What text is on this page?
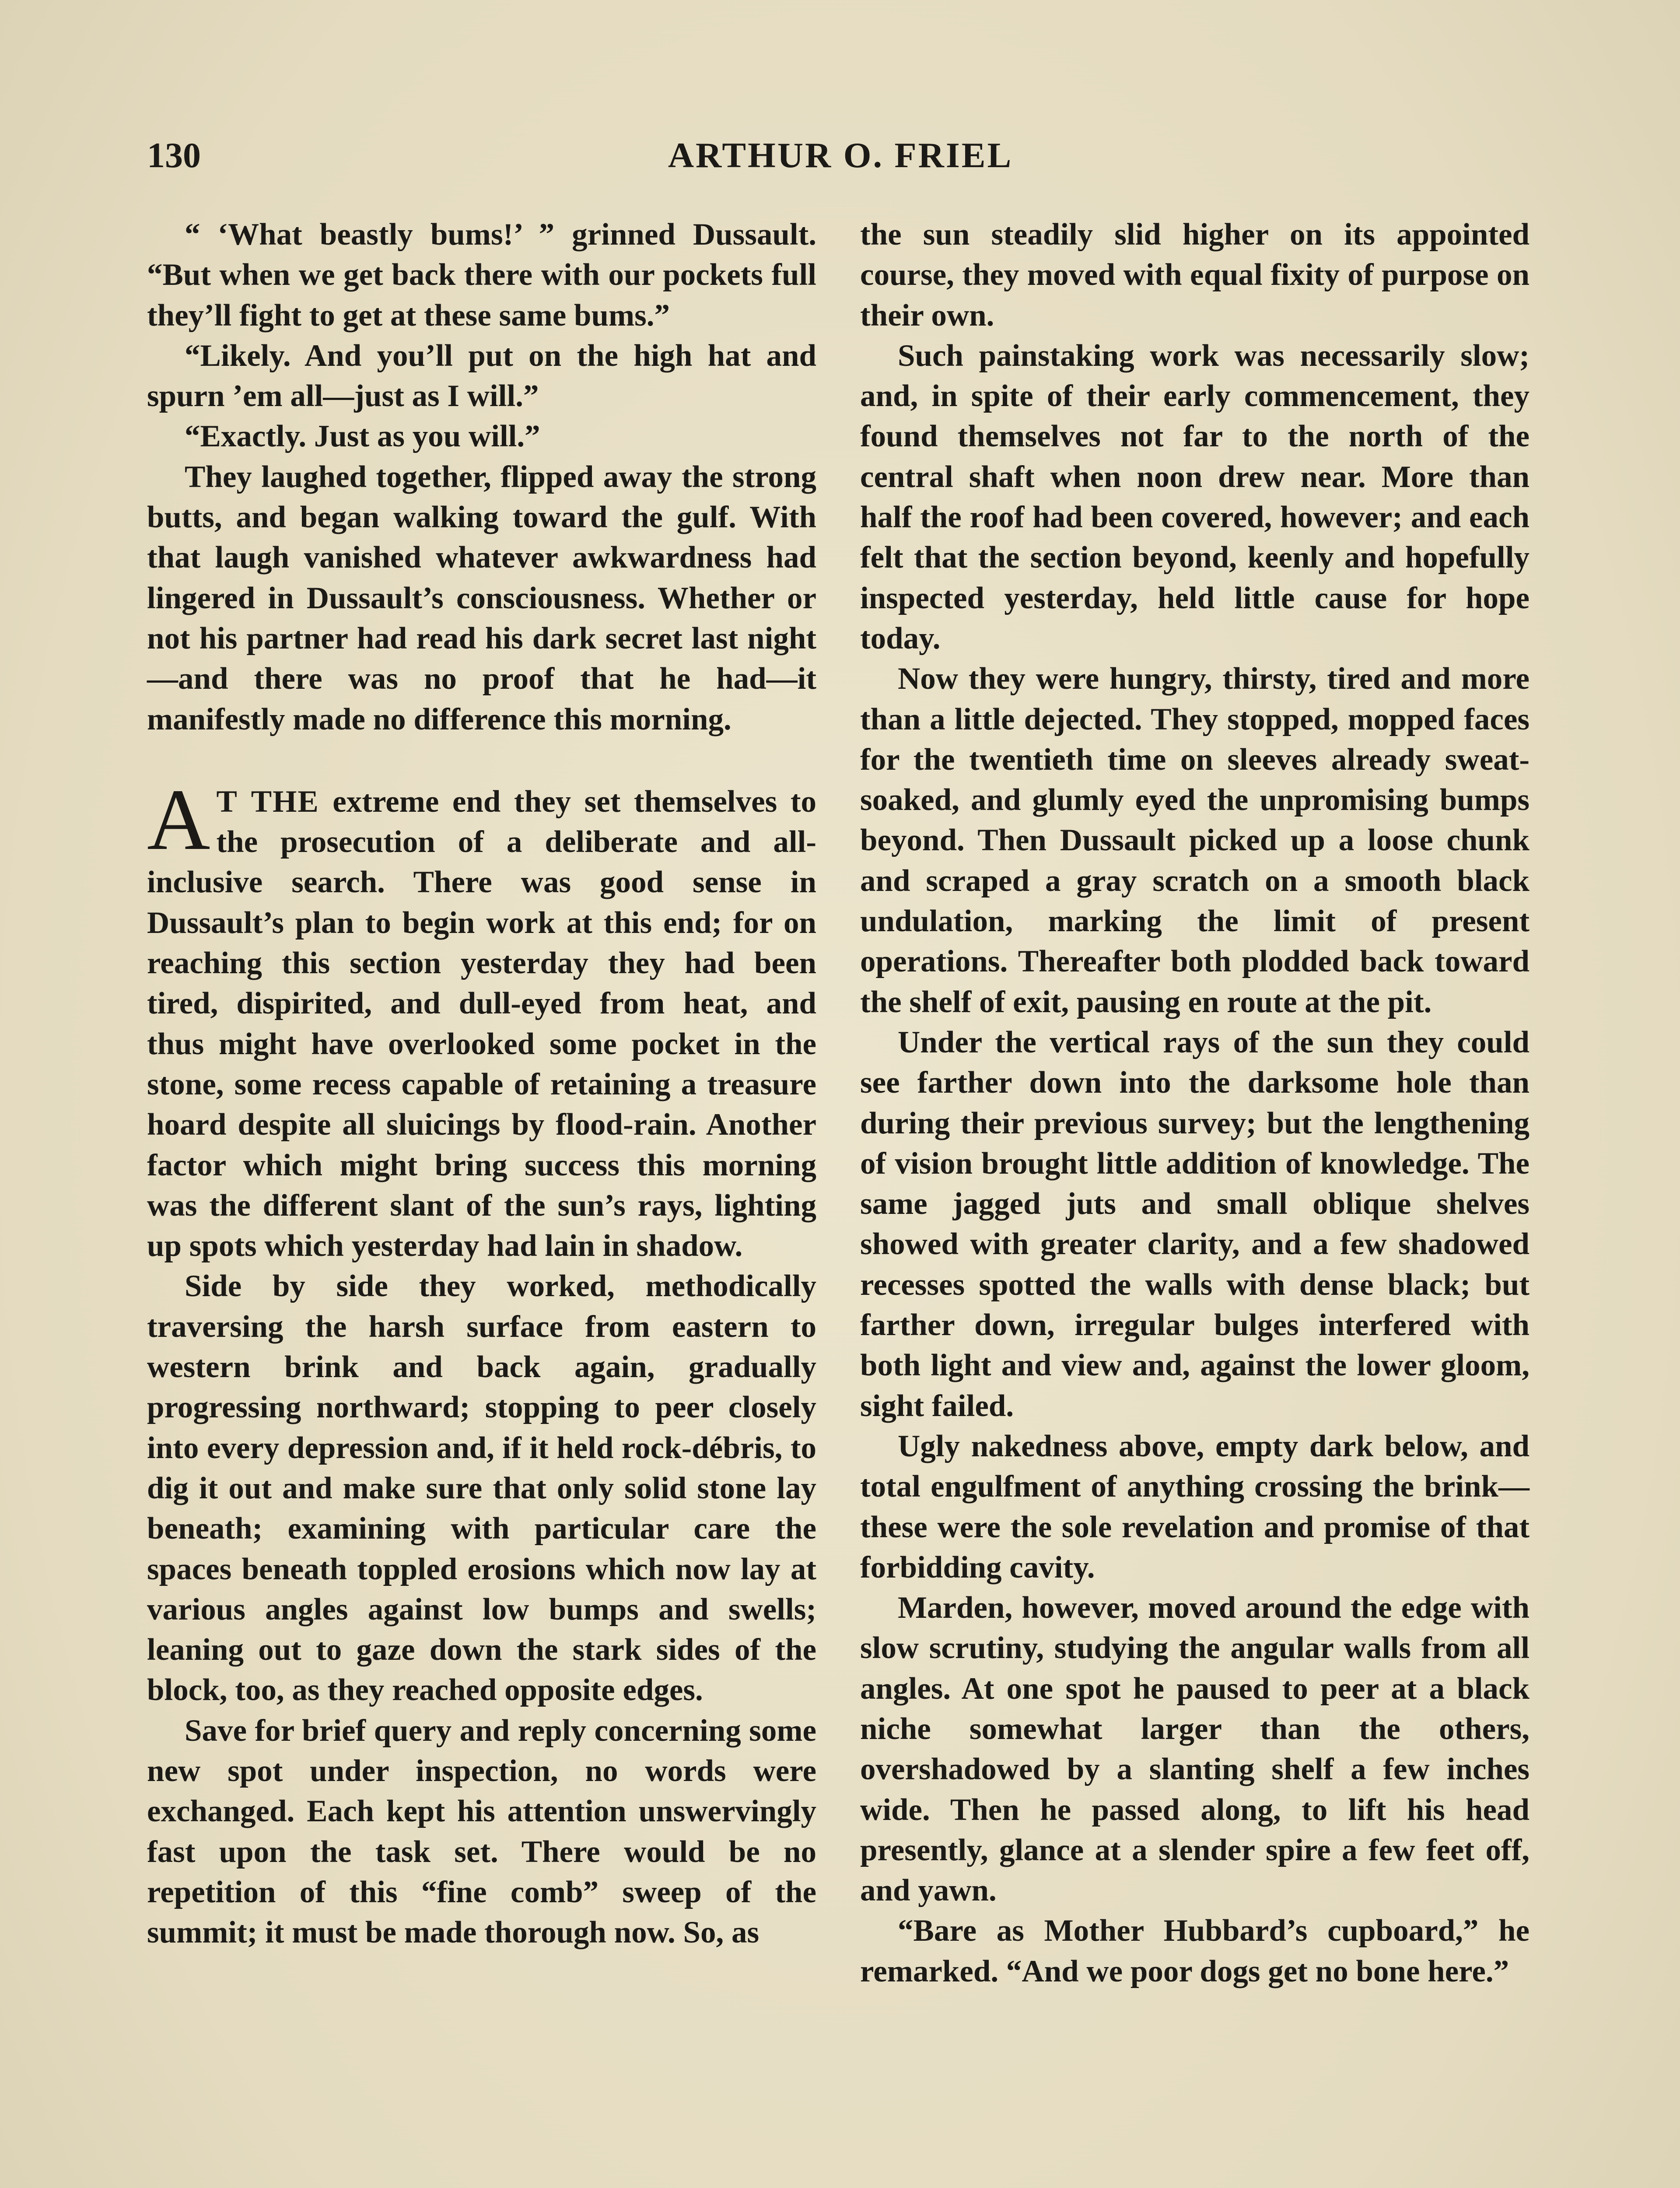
130	ARTHUR O. FRIEL

“ ‘What beastly bums!’ ” grinned Dussault. “But when we get back there with our pockets full they’ll fight to get at these same bums.”

“Likely. And you’ll put on the high hat and spurn ’em all—just as I will.”

“Exactly. Just as you will.”

They laughed together, flipped away the strong butts, and began walking toward the gulf. With that laugh vanished whatever awkwardness had lingered in Dussault’s consciousness. Whether or not his partner had read his dark secret last night—and there was no proof that he had—it manifestly made no difference this morning.

A T THE extreme end they set themselves to the prosecution of a deliberate and all-inclusive search. There was good sense in Dussault’s plan to begin work at this end; for on reaching this section yesterday they had been tired, dispirited, and dull-eyed from heat, and thus might have overlooked some pocket in the stone, some recess capable of retaining a treasure hoard despite all sluicings by flood-rain. Another factor which might bring success this morning was the different slant of the sun’s rays, lighting up spots which yesterday had lain in shadow.

Side by side they worked, methodically traversing the harsh surface from eastern to western brink and back again, gradually progressing northward; stopping to peer closely into every depression and, if it held rock-débris, to dig it out and make sure that only solid stone lay beneath; examining with particular care the spaces beneath toppled erosions which now lay at various angles against low bumps and swells; leaning out to gaze down the stark sides of the block, too, as they reached opposite edges.

Save for brief query and reply concerning some new spot under inspection, no words were exchanged. Each kept his attention unswervingly fast upon the task set. There would be no repetition of this “fine comb” sweep of the summit; it must be made thorough now. So, as

the sun steadily slid higher on its appointed course, they moved with equal fixity of purpose on their own.

Such painstaking work was necessarily slow; and, in spite of their early commencement, they found themselves not far to the north of the central shaft when noon drew near. More than half the roof had been covered, however; and each felt that the section beyond, keenly and hopefully inspected yesterday, held little cause for hope today.

Now they were hungry, thirsty, tired and more than a little dejected. They stopped, mopped faces for the twentieth time on sleeves already sweat-soaked, and glumly eyed the unpromising bumps beyond. Then Dussault picked up a loose chunk and scraped a gray scratch on a smooth black undulation, marking the limit of present operations. Thereafter both plodded back toward the shelf of exit, pausing en route at the pit.

Under the vertical rays of the sun they could see farther down into the darksome hole than during their previous survey; but the lengthening of vision brought little addition of knowledge. The same jagged juts and small oblique shelves showed with greater clarity, and a few shadowed recesses spotted the walls with dense black; but farther down, irregular bulges interfered with both light and view and, against the lower gloom, sight failed.

Ugly nakedness above, empty dark below, and total engulfment of anything crossing the brink—these were the sole revelation and promise of that forbidding cavity.

Marden, however, moved around the edge with slow scrutiny, studying the angular walls from all angles. At one spot he paused to peer at a black niche somewhat larger than the others, overshadowed by a slanting shelf a few inches wide. Then he passed along, to lift his head presently, glance at a slender spire a few feet off, and yawn.

“Bare as Mother Hubbard’s cupboard,” he remarked. “And we poor dogs get no bone here.”
